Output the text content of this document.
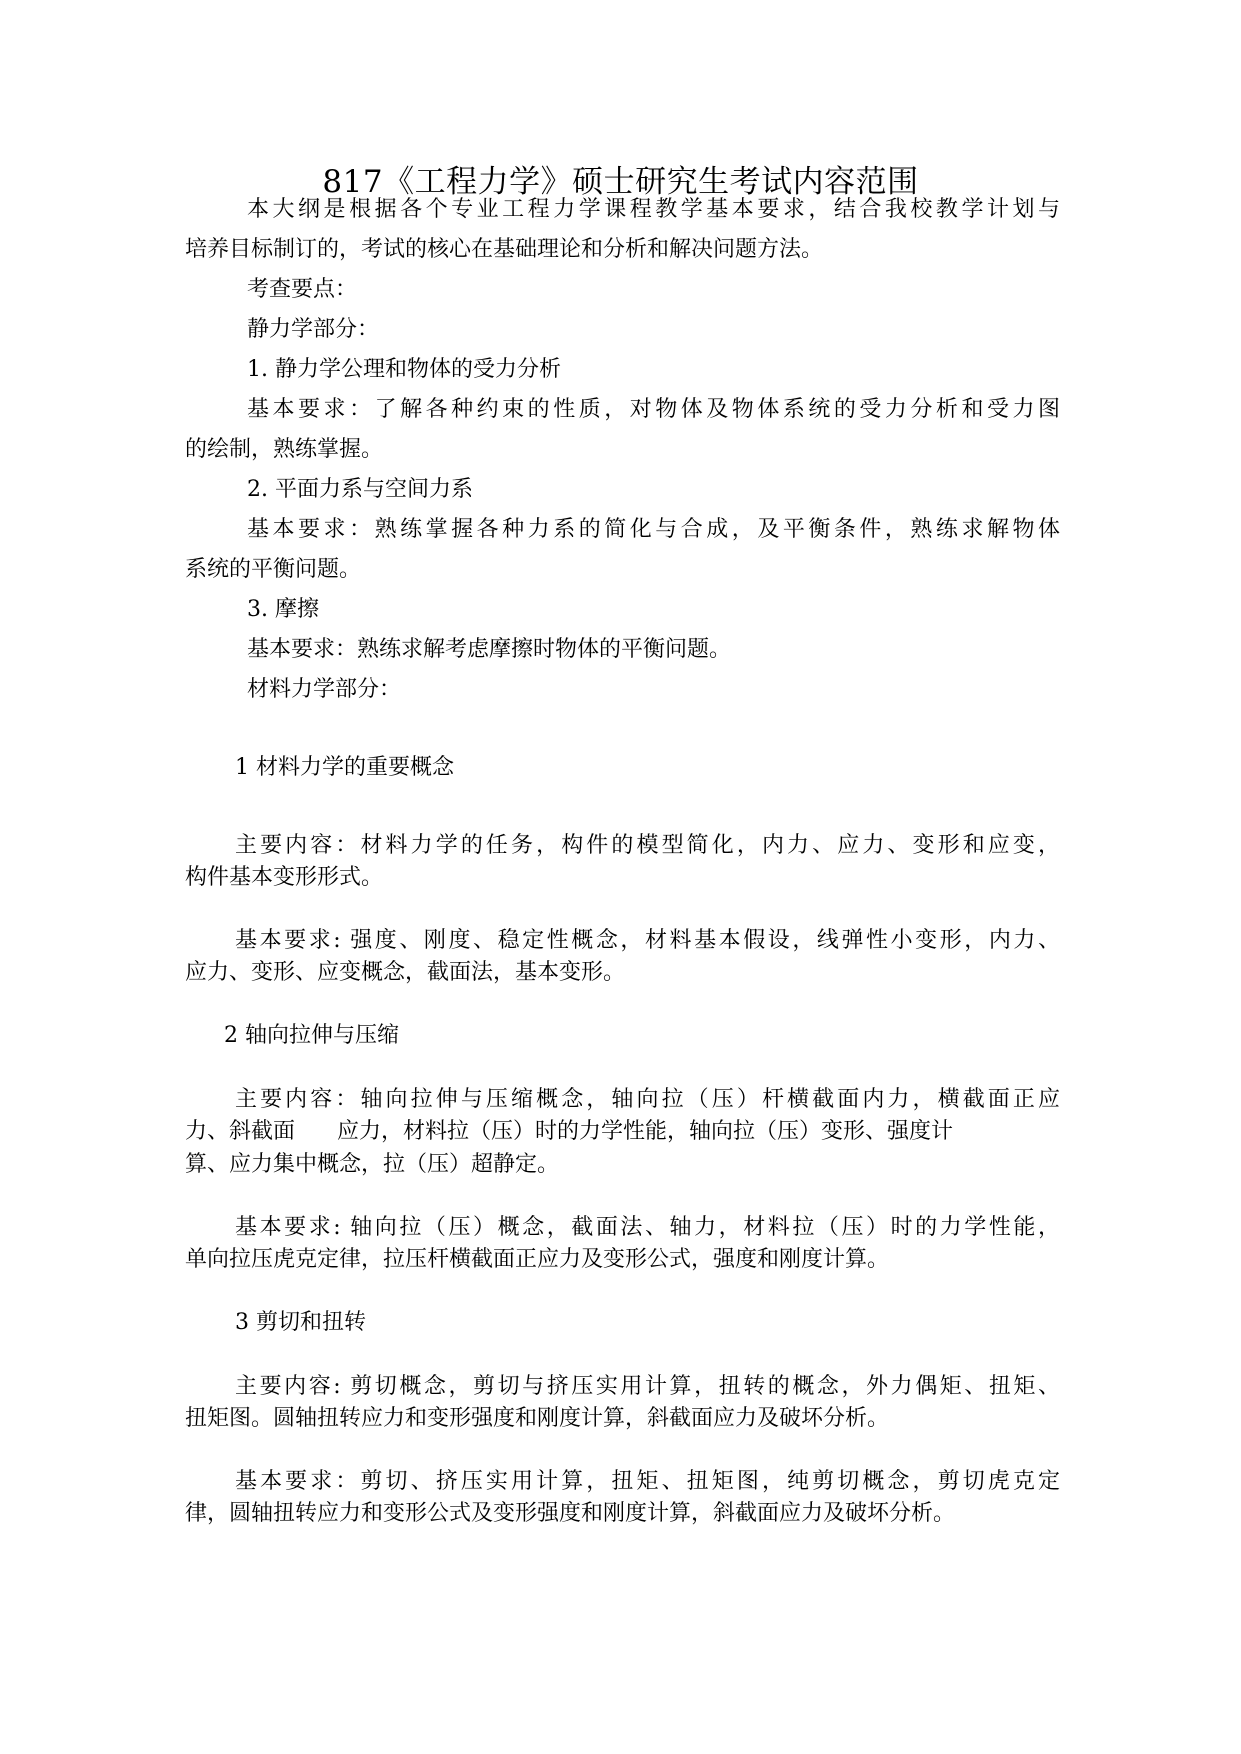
817《工程力学》硕士研究生考试内容范围
本大纲是根据各个专业工程力学课程教学基本要求，结合我校教学计划与
培养目标制订的，考试的核心在基础理论和分析和解决问题方法。
考查要点：
静力学部分：
1. 静力学公理和物体的受力分析
基本要求：了解各种约束的性质，对物体及物体系统的受力分析和受力图
的绘制，熟练掌握。
2. 平面力系与空间力系
基本要求：熟练掌握各种力系的简化与合成，及平衡条件，熟练求解物体
系统的平衡问题。
3. 摩擦
基本要求：熟练求解考虑摩擦时物体的平衡问题。
材料力学部分：
1 材料力学的重要概念
主要内容：材料力学的任务，构件的模型简化，内力、应力、变形和应变，
构件基本变形形式。
基本要求: 强度、刚度、稳定性概念，材料基本假设，线弹性小变形，内力、
应力、变形、应变概念，截面法，基本变形。
2 轴向拉伸与压缩
主要内容：轴向拉伸与压缩概念，轴向拉（压）杆横截面内力，横截面正应
力、斜截面 应力，材料拉（压）时的力学性能，轴向拉（压）变形、强度计
算、应力集中概念，拉（压）超静定。
基本要求: 轴向拉（压）概念，截面法、轴力，材料拉（压）时的力学性能，
单向拉压虎克定律，拉压杆横截面正应力及变形公式，强度和刚度计算。
3 剪切和扭转
主要内容: 剪切概念，剪切与挤压实用计算，扭转的概念，外力偶矩、扭矩、
扭矩图。圆轴扭转应力和变形强度和刚度计算，斜截面应力及破坏分析。
基本要求：剪切、挤压实用计算，扭矩、扭矩图，纯剪切概念，剪切虎克定
律，圆轴扭转应力和变形公式及变形强度和刚度计算，斜截面应力及破坏分析。
